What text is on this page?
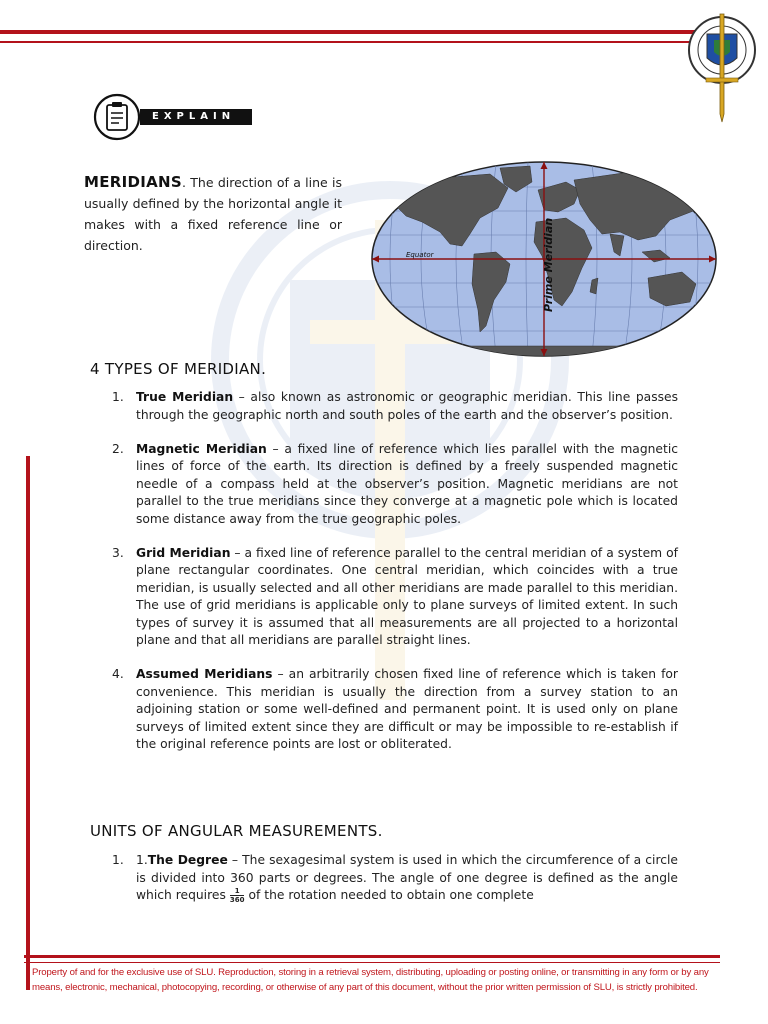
EXPLAIN
MERIDIANS. The direction of a line is usually defined by the horizontal angle it makes with a fixed reference line or direction.
Equator	Prime Meridian
4 TYPES OF MERIDIAN.
1. True Meridian – also known as astronomic or geographic meridian. This line passes through the geographic north and south poles of the earth and the observer’s position.
2. Magnetic Meridian – a fixed line of reference which lies parallel with the magnetic lines of force of the earth. Its direction is defined by a freely suspended magnetic needle of a compass held at the observer’s position. Magnetic meridians are not parallel to the true meridians since they converge at a magnetic pole which is located some distance away from the true geographic poles.
3. Grid Meridian – a fixed line of reference parallel to the central meridian of a system of plane rectangular coordinates. One central meridian, which coincides with a true meridian, is usually selected and all other meridians are made parallel to this meridian. The use of grid meridians is applicable only to plane surveys of limited extent. In such types of survey it is assumed that all measurements are all projected to a horizontal plane and that all meridians are parallel straight lines.
4. Assumed Meridians – an arbitrarily chosen fixed line of reference which is taken for convenience. This meridian is usually the direction from a survey station to an adjoining station or some well-defined and permanent point. It is used only on plane surveys of limited extent since they are difficult or may be impossible to re-establish if the original reference points are lost or obliterated.
UNITS OF ANGULAR MEASUREMENTS.
1. 1.The Degree – The sexagesimal system is used in which the circumference of a circle is divided into 360 parts or degrees. The angle of one degree is defined as the angle which requires $\frac{1}{360}$ of the rotation needed to obtain one complete
Property of and for the exclusive use of SLU. Reproduction, storing in a retrieval system, distributing, uploading or posting online, or transmitting in any form or by any means, electronic, mechanical, photocopying, recording, or otherwise of any part of this document, without the prior written permission of SLU, is strictly prohibited.
